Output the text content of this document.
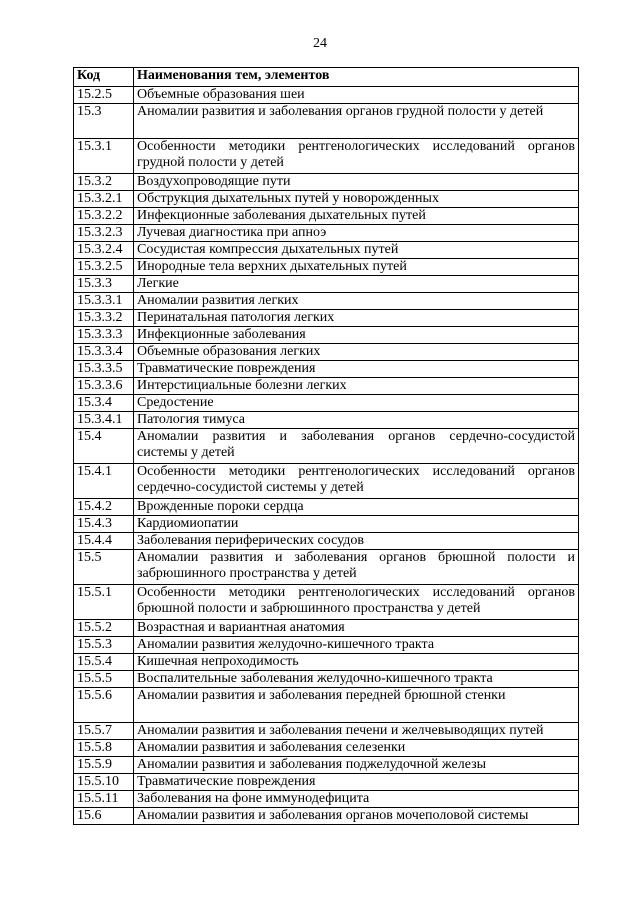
24
Код	Наименования тем, элементов
15.2.5	Объемные образования шеи
15.3	Аномалии развития и заболевания органов грудной полости у детей
15.3.1	Особенности методики рентгенологических исследований органов грудной полости у детей
15.3.2	Воздухопроводящие пути
15.3.2.1	Обструкция дыхательных путей у новорожденных
15.3.2.2	Инфекционные заболевания дыхательных путей
15.3.2.3	Лучевая диагностика при апноэ
15.3.2.4	Сосудистая компрессия дыхательных путей
15.3.2.5	Инородные тела верхних дыхательных путей
15.3.3	Легкие
15.3.3.1	Аномалии развития легких
15.3.3.2	Перинатальная патология легких
15.3.3.3	Инфекционные заболевания
15.3.3.4	Объемные образования легких
15.3.3.5	Травматические повреждения
15.3.3.6	Интерстициальные болезни легких
15.3.4	Средостение
15.3.4.1	Патология тимуса
15.4	Аномалии развития и заболевания органов сердечно-сосудистой системы у детей
15.4.1	Особенности методики рентгенологических исследований органов сердечно-сосудистой системы у детей
15.4.2	Врожденные пороки сердца
15.4.3	Кардиомиопатии
15.4.4	Заболевания периферических сосудов
15.5	Аномалии развития и заболевания органов брюшной полости и забрюшинного пространства у детей
15.5.1	Особенности методики рентгенологических исследований органов брюшной полости и забрюшинного пространства у детей
15.5.2	Возрастная и вариантная анатомия
15.5.3	Аномалии развития желудочно-кишечного тракта
15.5.4	Кишечная непроходимость
15.5.5	Воспалительные заболевания желудочно-кишечного тракта
15.5.6	Аномалии развития и заболевания передней брюшной стенки
15.5.7	Аномалии развития и заболевания печени и желчевыводящих путей
15.5.8	Аномалии развития и заболевания селезенки
15.5.9	Аномалии развития и заболевания поджелудочной железы
15.5.10	Травматические повреждения
15.5.11	Заболевания на фоне иммунодефицита
15.6	Аномалии развития и заболевания органов мочеполовой системы
